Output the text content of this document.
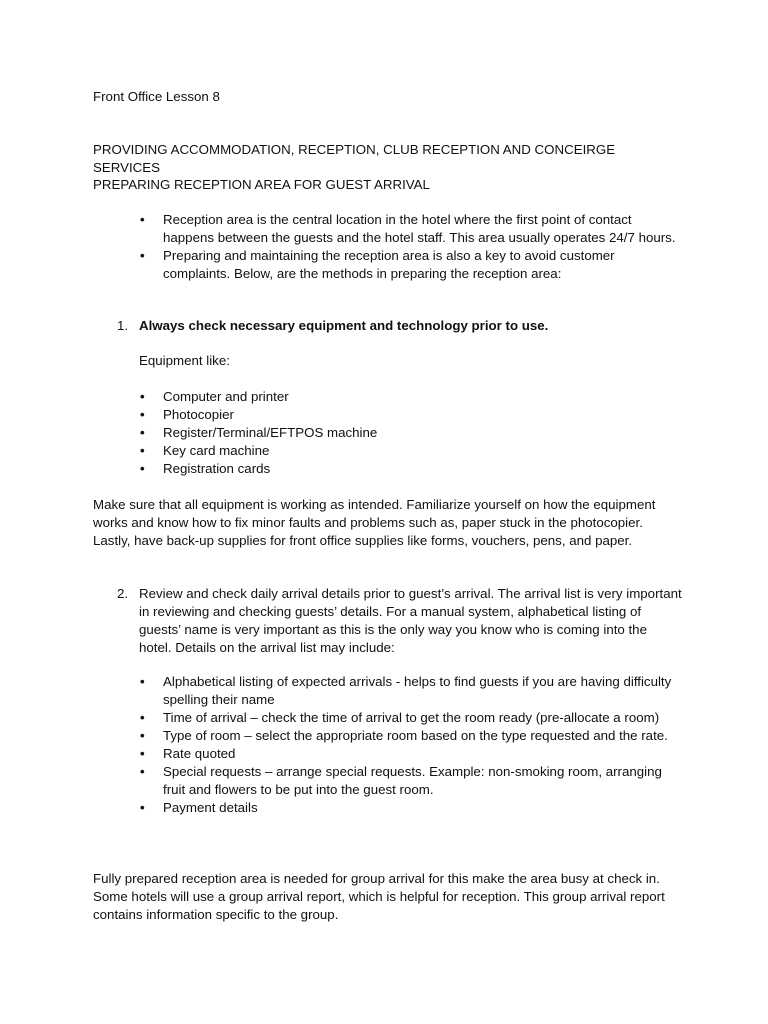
Front Office Lesson 8

PROVIDING ACCOMMODATION, RECEPTION, CLUB RECEPTION AND CONCEIRGE SERVICES

PREPARING RECEPTION AREA FOR GUEST ARRIVAL

•	Reception area is the central location in the hotel where the first point of contact happens between the guests and the hotel staff. This area usually operates 24/7 hours.
•	Preparing and maintaining the reception area is also a key to avoid customer complaints. Below, are the methods in preparing the reception area:
1. Always check necessary equipment and technology prior to use.

Equipment like:

•	Computer and printer
•	Photocopier
•	Register/Terminal/EFTPOS machine
•	Key card machine
•	Registration cards

Make sure that all equipment is working as intended. Familiarize yourself on how the equipment works and know how to fix minor faults and problems such as, paper stuck in the photocopier. Lastly, have back-up supplies for front office supplies like forms, vouchers, pens, and paper.

2. Review and check daily arrival details prior to guest’s arrival. The arrival list is very important in reviewing and checking guests’ details. For a manual system, alphabetical listing of guests’ name is very important as this is the only way you know who is coming into the hotel. Details on the arrival list may include:
•	Alphabetical listing of expected arrivals - helps to find guests if you are having difficulty spelling their name
•	Time of arrival – check the time of arrival to get the room ready (pre-allocate a room)
•	Type of room – select the appropriate room based on the type requested and the rate.
•	Rate quoted
•	Special requests – arrange special requests. Example: non-smoking room, arranging fruit and flowers to be put into the guest room.
•	Payment details

Fully prepared reception area is needed for group arrival for this make the area busy at check in. Some hotels will use a group arrival report, which is helpful for reception. This group arrival report contains information specific to the group.
